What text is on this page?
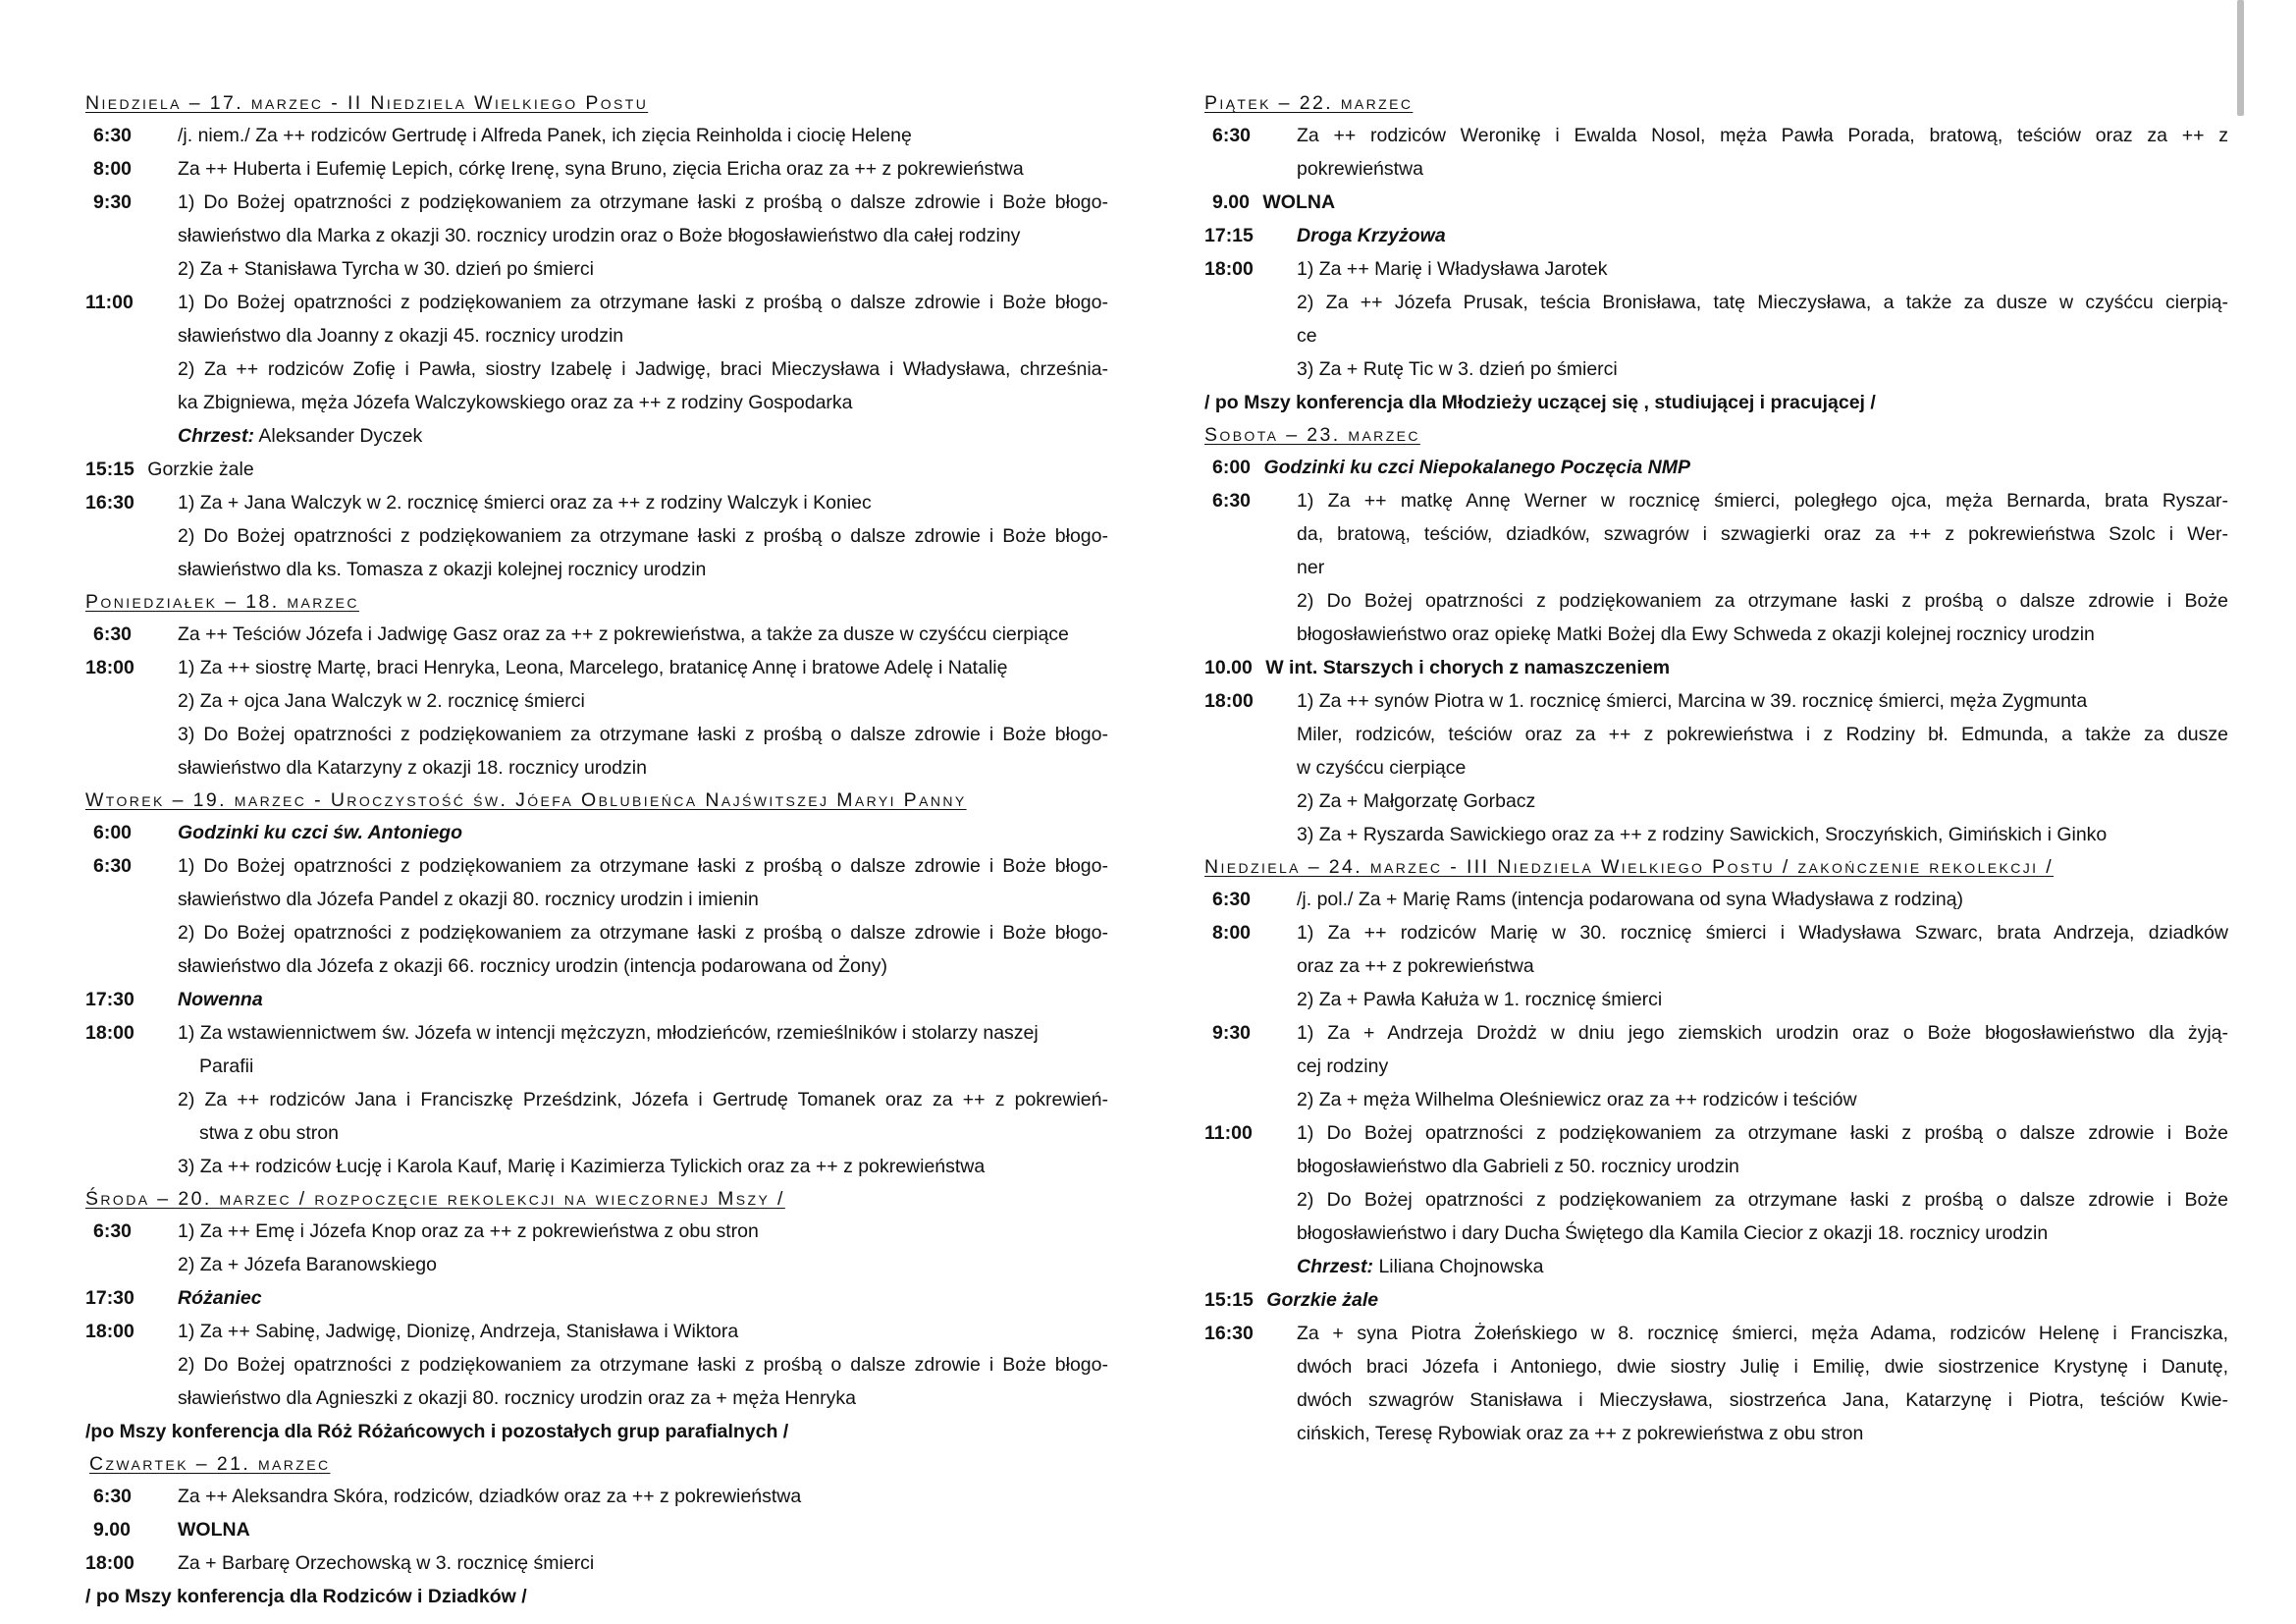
Niedziela – 17. marzec - II Niedziela Wielkiego Postu
6:30	/j. niem./ Za ++ rodziców Gertrudę i Alfreda Panek, ich zięcia Reinholda i ciocię Helenę
8:00	Za ++ Huberta i Eufemię Lepich, córkę Irenę, syna Bruno, zięcia Ericha oraz za ++ z pokrewieństwa
9:30	1) Do Bożej opatrzności z podziękowaniem za otrzymane łaski z prośbą o dalsze zdrowie i Boże błogo-
sławieństwo dla Marka z okazji 30. rocznicy urodzin oraz o Boże błogosławieństwo dla całej rodziny
2) Za + Stanisława Tyrcha w 30. dzień po śmierci
11:00	1) Do Bożej opatrzności z podziękowaniem za otrzymane łaski z prośbą o dalsze zdrowie i Boże błogo-
sławieństwo dla Joanny z okazji 45. rocznicy urodzin
2) Za ++ rodziców Zofię i Pawła, siostry Izabelę i Jadwigę, braci Mieczysława i Władysława, chrześnia-
ka Zbigniewa, męża Józefa Walczykowskiego oraz za ++ z rodziny Gospodarka
Chrzest: Aleksander Dyczek
15:15 Gorzkie żale
16:30	1) Za + Jana Walczyk w 2. rocznicę śmierci oraz za ++ z rodziny Walczyk i Koniec
2) Do Bożej opatrzności z podziękowaniem za otrzymane łaski z prośbą o dalsze zdrowie i Boże błogo-
sławieństwo dla ks. Tomasza z okazji kolejnej rocznicy urodzin
Poniedziałek – 18. marzec
6:30	Za ++ Teściów Józefa i Jadwigę Gasz oraz za ++ z pokrewieństwa, a także za dusze w czyśćcu cierpiące
18:00	1) Za ++ siostrę Martę, braci Henryka, Leona, Marcelego, bratanicę Annę i bratowe Adelę i Natalię
2) Za + ojca Jana Walczyk w 2. rocznicę śmierci
3) Do Bożej opatrzności z podziękowaniem za otrzymane łaski z prośbą o dalsze zdrowie i Boże błogo-
sławieństwo dla Katarzyny z okazji 18. rocznicy urodzin
Wtorek – 19. marzec - Uroczystość św. Jóefa Oblubieńca Najświtszej Maryi Panny
6:00	Godzinki ku czci św. Antoniego
6:30	1) Do Bożej opatrzności z podziękowaniem za otrzymane łaski z prośbą o dalsze zdrowie i Boże błogo-
sławieństwo dla Józefa Pandel z okazji 80. rocznicy urodzin i imienin
2) Do Bożej opatrzności z podziękowaniem za otrzymane łaski z prośbą o dalsze zdrowie i Boże błogo-
sławieństwo dla Józefa z okazji 66. rocznicy urodzin (intencja podarowana od Żony)
17:30	Nowenna
18:00	1) Za wstawiennictwem św. Józefa w intencji mężczyzn, młodzieńców, rzemieślników i stolarzy naszej
Parafii
2) Za ++ rodziców Jana i Franciszkę Prześdzink, Józefa i Gertrudę Tomanek oraz za ++ z pokrewień-
stwa z obu stron
3) Za ++ rodziców Łucję i Karola Kauf, Marię i Kazimierza Tylickich oraz za ++ z pokrewieństwa
Środa – 20. marzec / rozpoczęcie rekolekcji na wieczornej Mszy /
6:30	1) Za ++ Emę i Józefa Knop oraz za ++ z pokrewieństwa z obu stron
2) Za + Józefa Baranowskiego
17:30	Różaniec
18:00	1) Za ++ Sabinę, Jadwigę, Dionizę, Andrzeja, Stanisława i Wiktora
2) Do Bożej opatrzności z podziękowaniem za otrzymane łaski z prośbą o dalsze zdrowie i Boże błogo-
sławieństwo dla Agnieszki z okazji 80. rocznicy urodzin oraz za + męża Henryka
/po Mszy konferencja dla Róż Różańcowych i pozostałych grup parafialnych /
Czwartek – 21. marzec
6:30	Za ++ Aleksandra Skóra, rodziców, dziadków oraz za ++ z pokrewieństwa
9.00	WOLNA
18:00	Za + Barbarę Orzechowską w 3. rocznicę śmierci
/ po Mszy konferencja dla Rodziców i Dziadków /
Piątek – 22. marzec
6:30	Za ++ rodziców Weronikę i Ewalda Nosol, męża Pawła Porada, bratową, teściów oraz za ++ z
pokrewieństwa
9.00 WOLNA
17:15	Droga Krzyżowa
18:00	1) Za ++ Marię i Władysława Jarotek
2) Za ++ Józefa Prusak, teścia Bronisława, tatę Mieczysława, a także za dusze w czyśćcu cierpią-
ce
3) Za + Rutę Tic w 3. dzień po śmierci
/ po Mszy konferencja dla Młodzieży uczącej się , studiującej i pracującej /
Sobota – 23. marzec
6:00 Godzinki ku czci Niepokalanego Poczęcia NMP
6:30	1) Za ++ matkę Annę Werner w rocznicę śmierci, poległego ojca, męża Bernarda, brata Ryszar-
da, bratową, teściów, dziadków, szwagrów i szwagierki oraz za ++ z pokrewieństwa Szolc i Wer-
ner
2) Do Bożej opatrzności z podziękowaniem za otrzymane łaski z prośbą o dalsze zdrowie i Boże
błogosławieństwo oraz opiekę Matki Bożej dla Ewy Schweda z okazji kolejnej rocznicy urodzin
10.00 W int. Starszych i chorych z namaszczeniem
18:00	1) Za ++ synów Piotra w 1. rocznicę śmierci, Marcina w 39. rocznicę śmierci, męża Zygmunta
Miler, rodziców, teściów oraz za ++ z pokrewieństwa i z Rodziny bł. Edmunda, a także za dusze
w czyśćcu cierpiące
2) Za + Małgorzatę Gorbacz
3) Za + Ryszarda Sawickiego oraz za ++ z rodziny Sawickich, Sroczyńskich, Gimińskich i Ginko
Niedziela – 24. marzec - III Niedziela Wielkiego Postu / zakończenie rekolekcji /
6:30	/j. pol./ Za + Marię Rams (intencja podarowana od syna Władysława z rodziną)
8:00	1) Za ++ rodziców Marię w 30. rocznicę śmierci i Władysława Szwarc, brata Andrzeja, dziadków
oraz za ++ z pokrewieństwa
2) Za + Pawła Kałuża w 1. rocznicę śmierci
9:30	1) Za + Andrzeja Drożdż w dniu jego ziemskich urodzin oraz o Boże błogosławieństwo dla żyją-
cej rodziny
2) Za + męża Wilhelma Oleśniewicz oraz za ++ rodziców i teściów
11:00	1) Do Bożej opatrzności z podziękowaniem za otrzymane łaski z prośbą o dalsze zdrowie i Boże
błogosławieństwo dla Gabrieli z 50. rocznicy urodzin
2) Do Bożej opatrzności z podziękowaniem za otrzymane łaski z prośbą o dalsze zdrowie i Boże
błogosławieństwo i dary Ducha Świętego dla Kamila Ciecior z okazji 18. rocznicy urodzin
Chrzest: Liliana Chojnowska
15:15 Gorzkie żale
16:30	Za + syna Piotra Żołeńskiego w 8. rocznicę śmierci, męża Adama, rodziców Helenę i Franciszka,
dwóch braci Józefa i Antoniego, dwie siostry Julię i Emilię, dwie siostrzenice Krystynę i Danutę,
dwóch szwagrów Stanisława i Mieczysława, siostrzeńca Jana, Katarzynę i Piotra, teściów Kwie-
cińskich, Teresę Rybowiak oraz za ++ z pokrewieństwa z obu stron
